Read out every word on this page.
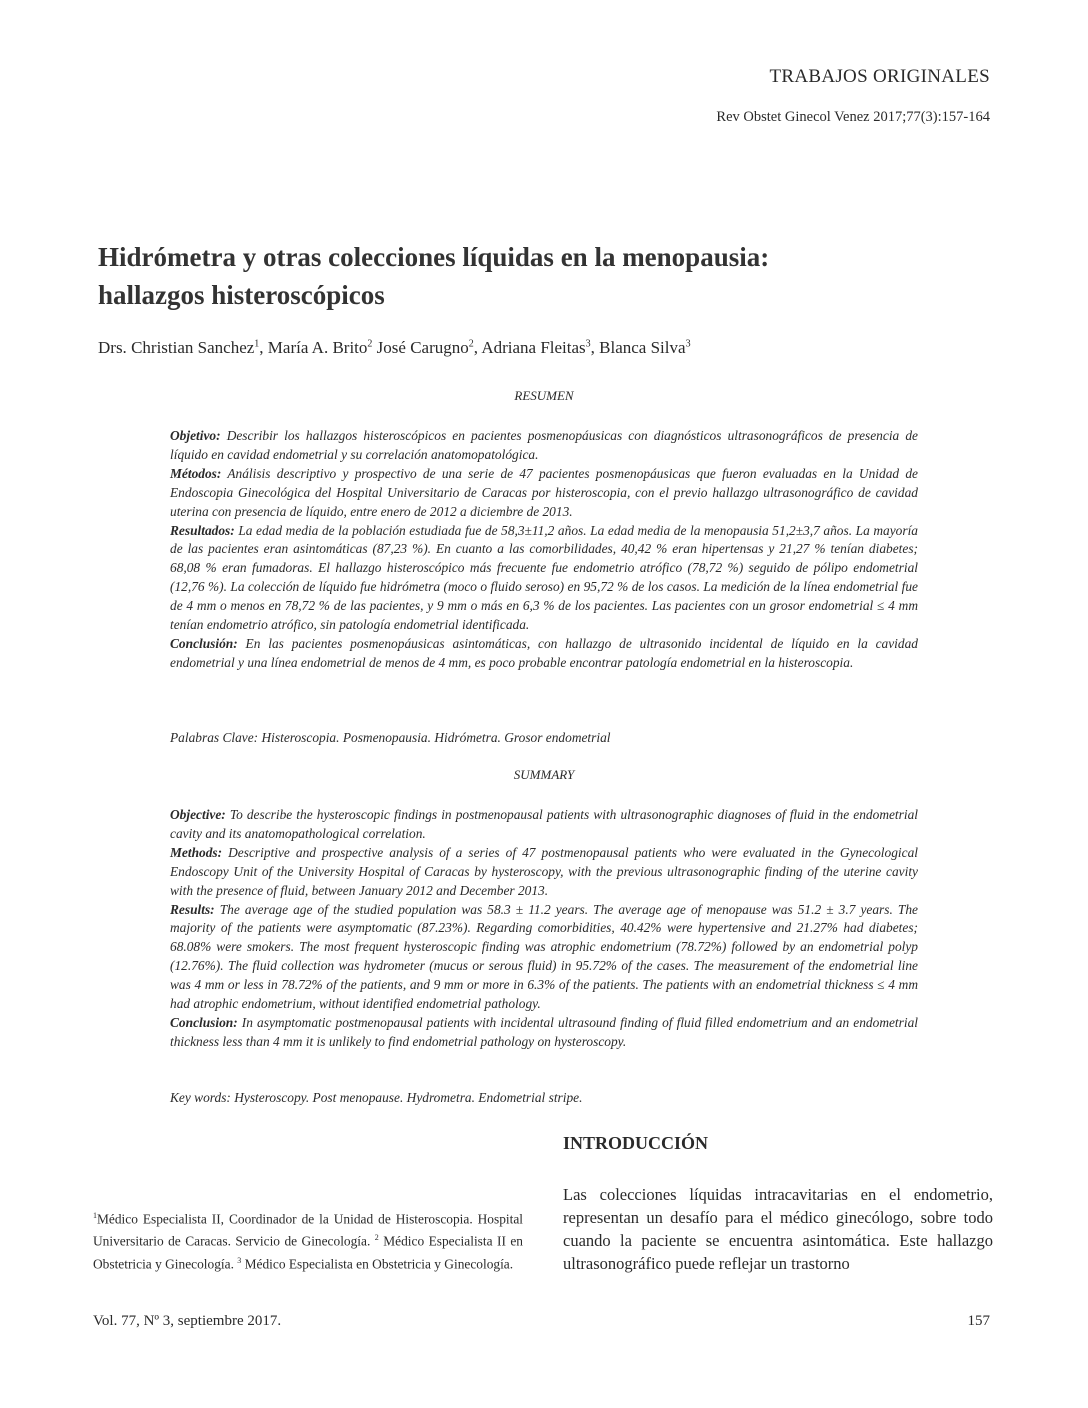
TRABAJOS ORIGINALES
Rev Obstet Ginecol Venez 2017;77(3):157-164
Hidrómetra y otras colecciones líquidas en la menopausia:
hallazgos histeroscópicos
Drs. Christian Sanchez$^1$, María A. Brito$^2$ José Carugno$^2$, Adriana Fleitas$^3$, Blanca Silva$^3$
RESUMEN

Objetivo: Describir los hallazgos histeroscópicos en pacientes posmenopáusicas con diagnósticos ultrasonográficos de presencia de líquido en cavidad endometrial y su correlación anatomopatológica.

Métodos: Análisis descriptivo y prospectivo de una serie de 47 pacientes posmenopáusicas que fueron evaluadas en la Unidad de Endoscopia Ginecológica del Hospital Universitario de Caracas por histeroscopia, con el previo hallazgo ultrasonográfico de cavidad uterina con presencia de líquido, entre enero de 2012 a diciembre de 2013.

Resultados: La edad media de la población estudiada fue de 58,3±11,2 años. La edad media de la menopausia 51,2±3,7 años. La mayoría de las pacientes eran asintomáticas (87,23 %). En cuanto a las comorbilidades, 40,42 % eran hipertensas y 21,27 % tenían diabetes; 68,08 % eran fumadoras. El hallazgo histeroscópico más frecuente fue endometrio atrófico (78,72 %) seguido de pólipo endometrial (12,76 %). La colección de líquido fue hidrómetra (moco o fluido seroso) en 95,72 % de los casos. La medición de la línea endometrial fue de 4 mm o menos en 78,72 % de las pacientes, y 9 mm o más en 6,3 % de los pacientes. Las pacientes con un grosor endometrial ≤ 4 mm tenían endometrio atrófico, sin patología endometrial identificada.

Conclusión: En las pacientes posmenopáusicas asintomáticas, con hallazgo de ultrasonido incidental de líquido en la cavidad endometrial y una línea endometrial de menos de 4 mm, es poco probable encontrar patología endometrial en la histeroscopia.

Palabras Clave: Histeroscopia. Posmenopausia. Hidrómetra. Grosor endometrial
SUMMARY

Objective: To describe the hysteroscopic findings in postmenopausal patients with ultrasonographic diagnoses of fluid in the endometrial cavity and its anatomopathological correlation.

Methods: Descriptive and prospective analysis of a series of 47 postmenopausal patients who were evaluated in the Gynecological Endoscopy Unit of the University Hospital of Caracas by hysteroscopy, with the previous ultrasonographic finding of the uterine cavity with the presence of fluid, between January 2012 and December 2013.

Results: The average age of the studied population was 58.3 ± 11.2 years. The average age of menopause was 51.2 ± 3.7 years. The majority of the patients were asymptomatic (87.23%). Regarding comorbidities, 40.42% were hypertensive and 21.27% had diabetes; 68.08% were smokers. The most frequent hysteroscopic finding was atrophic endometrium (78.72%) followed by an endometrial polyp (12.76%). The fluid collection was hydrometer (mucus or serous fluid) in 95.72% of the cases. The measurement of the endometrial line was 4 mm or less in 78.72% of the patients, and 9 mm or more in 6.3% of the patients. The patients with an endometrial thickness ≤ 4 mm had atrophic endometrium, without identified endometrial pathology.

Conclusion: In asymptomatic postmenopausal patients with incidental ultrasound finding of fluid filled endometrium and an endometrial thickness less than 4 mm it is unlikely to find endometrial pathology on hysteroscopy.

Key words: Hysteroscopy. Post menopause. Hydrometra. Endometrial stripe.
INTRODUCCIÓN
Las colecciones líquidas intracavitarias en el endometrio, representan un desafío para el médico ginecólogo, sobre todo cuando la paciente se encuentra asintomática. Este hallazgo ultrasonográfico puede reflejar un trastorno
$^1$Médico Especialista II, Coordinador de la Unidad de Histeroscopia. Hospital Universitario de Caracas. Servicio de Ginecología. $^2$ Médico Especialista II en Obstetricia y Ginecología. $^3$ Médico Especialista en Obstetricia y Ginecología.
Vol. 77, Nº 3, septiembre 2017.	157
